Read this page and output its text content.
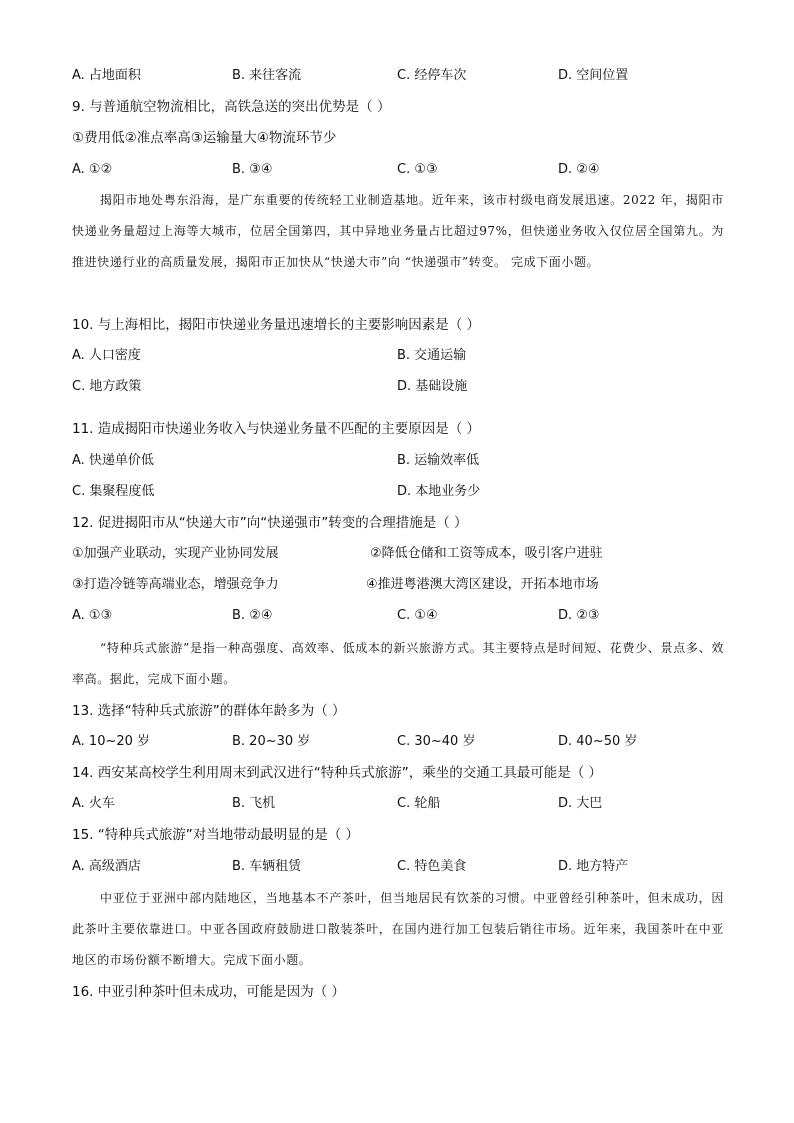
A. 占地面积	B. 来往客流	C. 经停车次	D. 空间位置
9. 与普通航空物流相比，高铁急送的突出优势是（ ）
①费用低②准点率高③运输量大④物流环节少
A. ①②	B. ③④	C. ①③	D. ②④

揭阳市地处粤东沿海，是广东重要的传统轻工业制造基地。近年来，该市村级电商发展迅速。2022 年，揭阳市快递业务量超过上海等大城市，位居全国第四，其中异地业务量占比超过97%，但快递业务收入仅位居全国第九。为推进快递行业的高质量发展，揭阳市正加快从“快递大市”向 “快递强市”转变。 完成下面小题。

10. 与上海相比，揭阳市快递业务量迅速增长的主要影响因素是（ ）
A. 人口密度	B. 交通运输
C. 地方政策	D. 基础设施
11. 造成揭阳市快递业务收入与快递业务量不匹配的主要原因是（ ）
A. 快递单价低	B. 运输效率低
C. 集聚程度低	D. 本地业务少
12. 促进揭阳市从“快递大市”向“快递强市”转变的合理措施是（ ）
①加强产业联动，实现产业协同发展	②降低仓储和工资等成本，吸引客户进驻
③打造冷链等高端业态，增强竞争力	④推进粤港澳大湾区建设，开拓本地市场
A. ①③	B. ②④	C. ①④	D. ②③

“特种兵式旅游”是指一种高强度、高效率、低成本的新兴旅游方式。其主要特点是时间短、花费少、景点多、效率高。据此，完成下面小题。

13. 选择“特种兵式旅游”的群体年龄多为（ ）
A. 10~20 岁	B. 20~30 岁	C. 30~40 岁	D. 40~50 岁
14. 西安某高校学生利用周末到武汉进行“特种兵式旅游”，乘坐的交通工具最可能是（ ）
A. 火车	B. 飞机	C. 轮船	D. 大巴
15. “特种兵式旅游”对当地带动最明显的是（ ）
A. 高级酒店	B. 车辆租赁	C. 特色美食	D. 地方特产

中亚位于亚洲中部内陆地区，当地基本不产茶叶，但当地居民有饮茶的习惯。中亚曾经引种茶叶，但未成功，因此茶叶主要依靠进口。中亚各国政府鼓励进口散装茶叶，在国内进行加工包装后销往市场。近年来，我国茶叶在中亚地区的市场份额不断增大。完成下面小题。

16. 中亚引种茶叶但未成功，可能是因为（ ）
